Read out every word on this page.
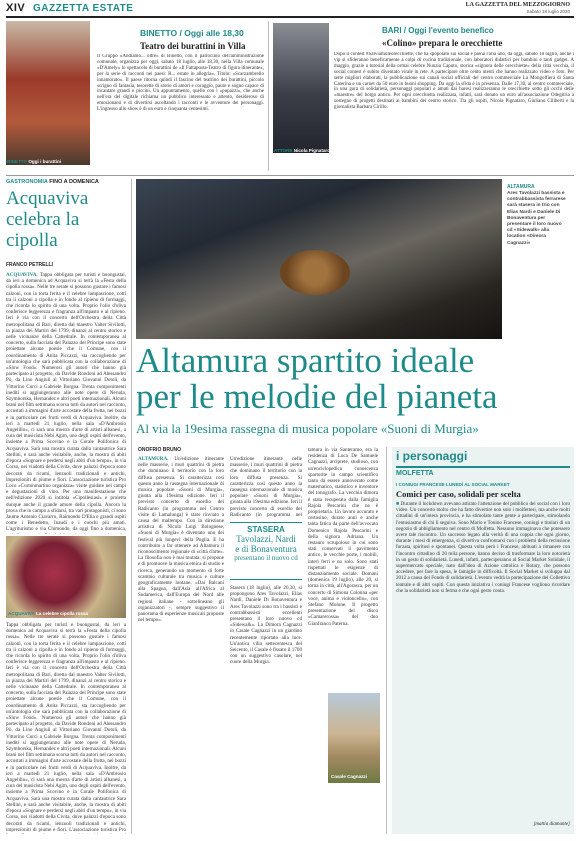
XIV GAZZETTA ESTATE	LA GAZZETTA DEL MEZZOGIORNO
Sabato 18 luglio 2020
BINETTO Oggi i burattini
BINETTO / Oggi alle 18,30
Teatro dei burattini in Villa
Il Gruppo «Andiamo... oltre» di Binetto, con il patrocinio dell'amministrazione comunale, organizza per oggi, sabato 18 luglio, alle 18,30, nella Villa comunale «D'Amely» lo spettacolo di burattini de «Il Fattaposta-Teatro di figura itinerante», per la serie di racconti nei paesi: R... estate in allegria». Titolo: «Scarzambrello innamorato». Il paese ritorna quindi il fascino del teatrino dei burattini, piccolo scrigno di fantasia, tesorette di storie di amori e coraggio, paure e sogno capace di incantare grandi e piccini. Un appuntamento, quello con i «pupazzi», che anche nell'era del digitale richiama un pubblico interessato e attento, desideroso di emozionarsi e di divertirsi ascoltando i racconti e le avventure dei personaggi. L'ingresso allo show è di un euro e cinquanta centesimi.
ATTORE Nicola Pignataro
BARI / Oggi l'evento benefico
«Colino» prepara le orecchiette
Dopo il contest #Salviamoleorecchiette, che ha spopolato sui social è piena l'aria uno, da oggi, sabato 18 luglio, anche i vip si sfideranno beneficamente a colpi di cucina tradizionale, con laboratori didattici per bambini e tanti gadget. A maggio, grazie a tutorial della ormai celebre Nunzia Caputo, storica «signora delle orecchiette» della città vecchia, il social contest è subito diventato virale in rete. A partecipare oltre cento utenti che hanno realizzato video e foto. Per sette migliori elaborati, la pubblicazione sui canali social ufficiali del centro commerciale La Mongolfiera di Santa Caterina e un carnet da 50 euro in buoni shopping. Da oggi la sfida è in presenza. Dalle 17,30, al centro commerciale, in una gara di solidarietà, personaggi popolari e amati dai baresi realizzeranno le orecchiette sotto gli occhi delle «maestre» del borgo antico. Per ogni orecchietta realizzata, infatti, sarà donato un euro all'associazione Odegitria a sostegno di progetti destinati ai bambini del centro storico. Tra gli ospiti, Nicola Pignataro, Giuliano Ciliberti e la giornalista Barbara Cirillo.
GASTRONOMIA FINO A DOMENICA
Acquaviva celebra la cipolla
FRANCO PETRELLI
ACQUAVIVA. Tappa obbligata per turisti e buongustai, da ieri a domenica ad Acquaviva si terrà la «Festa della cipolla rossa». Nelle tre serate si possono gustare i famosi calzoni, con la torta ferita e il celebre lampascione, cotti tra ii calzoni a cipolla e in fondo al ripieno di formaggi, che ricorda lo spirito di una volta. Proprio l'olio d'oliva conferisce leggerezza e fragranza all'impasto e al ripieno. Ieri è via con il concerto dell'Orchestra della Città metropolitana di Bari, diretta dal maestro Valter Sivilotti, in piazza dei Martiri del 1799, dinanzi al centro storico e nelle vicinanze della Cattedrale. In contemporanea al concerto, sulla facciata del Palazzo del Principe sono state proiettate alcune poesie che il Comune, con il coordinamento di Anita Piccazzi, sta raccogliendo per un'antologia che sarà pubblicata con la collaborazione di «Slow Food». Numerosi gli autori che hanno già partecipato al progetto, da Davide Rondoni ad Alessandro Pò, da Lino Angiuli al Vittoriano Giovanni Dotoli, da Vittorino Curci a Gabriele Borgna. Trenta componimenti inediti si aggiungeranno alle note opere di Neruda, Szymborska, Hernandez e altri poeti internazionali. Alcuni brani nel film settimana scorsa tutti da autori nel racconto, accostati a immagini d'arte accostate della frutta, nei bozzi e in particolare nei frutti verdi di Acquaviva. Inoltre, da ieri a martedì 21 luglio, nella sala «D'Ambrosio Angelillo», ci sarà una mostra d'arte di artisti albanesi, a cura del musicista Nebi Agim, uno degli ospiti dell'evento, insieme a Prima Scovino e la Corale Polifonica di Acquaviva. Sarà una mostra curata dalla cantautrice Sara Stellini, e sarà anche visitabile, anche, la mostra di abiti d'epoca «Sognare e perdersi negli abiti d'un tempo», in via Corso, nei viadotti della Civita, dove palazzi d'epoca sono decorati da ricami, lenzuoli tradizionali e antichi, imprezioniti di piume e fiori. L'associazione turistica Pro Loco «Curtonmartino organizza» visite guidate nei campi e degustazioni di vino. Per una manifestazione che nell'edizione 2020 si intitola «Cipollesiasi» e proietta dunque anche il grande amore della cipolla. Ancora la prova che in campo a sfidarsi, tra vari protagonisti, ci sono Jaume Antonio Ciavarro, Raimondo D'Elia e grandi ospiti come i Benedetto, Inaudi e i cuochi più amati. L'agriturismo e via Chimondo, da oggi fino a domenica,
ACQUAVIVA La celebre cipolla rossa
Tappa obbligata per turisti e buongustai, da ieri a domenica ad Acquaviva si terrà la «Festa della cipolla rossa». Nelle tre serate si possono gustare i famosi calzoni, con la torta ferita e il celebre lampascione, cotti tra ii calzoni a cipolla e in fondo al ripieno di formaggi, che ricorda lo spirito di una volta. Proprio l'olio d'oliva conferisce leggerezza e fragranza all'impasto e al ripieno. Ieri è via con il concerto dell'Orchestra della Città metropolitana di Bari, diretta dal maestro Valter Sivilotti, in piazza dei Martiri del 1799, dinanzi al centro storico e nelle vicinanze della Cattedrale. In contemporanea al concerto, sulla facciata del Palazzo del Principe sono state proiettate alcune poesie che il Comune, con il coordinamento di Anita Piccazzi, sta raccogliendo per un'antologia che sarà pubblicata con la collaborazione di «Slow Food». Numerosi gli autori che hanno già partecipato al progetto, da Davide Rondoni ad Alessandro Pò, da Lino Angiuli al Vittoriano Giovanni Dotoli, da Vittorino Curci a Gabriele Borgna. Trenta componimenti inediti si aggiungeranno alle note opere di Neruda, Szymborska, Hernandez e altri poeti internazionali. Alcuni brani nel film settimana scorsa tutti da autori nel racconto, accostati a immagini d'arte accostate della frutta, nei bozzi e in particolare nei frutti verdi di Acquaviva. Inoltre, da ieri a martedì 21 luglio, nella sala «D'Ambrosio Angelillo», ci sarà una mostra d'arte di artisti albanesi, a cura del musicista Nebi Agim, uno degli ospiti dell'evento, insieme a Prima Scovino e la Corale Polifonica di Acquaviva. Sarà una mostra curata dalla cantautrice Sara Stellini, e sarà anche visitabile, anche, la mostra di abiti d'epoca «Sognare e perdersi negli abiti d'un tempo», in via Corso, nei viadotti della Civita, dove palazzi d'epoca sono decorati da ricami, lenzuoli tradizionali e antichi, imprezioniti di piume e fiori. L'associazione turistica Pro
ALTAMURA
Ares Tavolazzi bassista e contrabbassista ferrarese sarà stasera in trio con Elias Nardi e Daniele Di Bonaventura per presentare il loro nuovo cd «Sidewalk» alla location «Dimora Cagnazzi»
Altamura spartito ideale
per le melodie del pianeta
Al via la 19esima rassegna di musica popolare «Suoni di Murgia»
ONOFRIO BRUNO
ALTAMURA. Un'edizione itinerante nelle masserie, i muri quattrini di pietra che dominano il territorio con la loro diffusa presenza. Si caratterizza così questo anno la rassegna internazionale di musica popolare «Suoni di Murgia», giunta alla 19esima edizione. Ieri il previsto concerto di esordio dei Radicanto (in programma nel Centro visite di Lamalunga) è stato rinviato a causa del maltempo. Con la direzione artistica di Nicola Luigi Bolognese, «Suoni di Murgia» è diventato uno dei festival più longevi della Puglia. E ha contribuito a far ottenere ad Altamura il riconoscimento regionale di «città d'arte». La filosofia non è mai mutata: si propone e di promuove la musica etnica di studio e ricerca, generando un momento di forte scambio culturale tra musica e culture geograficamente lontane. «Dai Balcani alla Spagna, dall'Asia all'Africa al Sudamerica, dall'Europa del Nord alle regioni italiane - sottolineano gli organizzatori -, sempre suggestivo il panorama di esperienze musicali proposte nel tempo».
STASERA
Tavolazzi, Nardi
e di Bonaventura
presentano il nuovo cd
Un'edizione itinerante nelle masserie, i muri quattrini di pietra che dominano il territorio con la loro diffusa presenza. Si caratterizza così questo anno la rassegna internazionale di musica popolare «Suoni di Murgia», giunta alla 19esima edizione. Ieri il previsto concerto di esordio dei Radicanto (in programma nel
Stasera (18 luglio), alle 20,30, si propongono Ares Tavolazzi, Elias Nardi, Daniele Di Bonaventura e Ares Tavolazzi sono tra i bassisti e contrabbassisti eccellenti presentano il loro nuovo cd «Sidewalk». La Dimora Cagnazzi in Casale Cagnazzi in un giardino recentemente riportato alla luce. Un'antica villa settecentesca del Seicento, il Casale è fissato il 1700 con un suggestivo casolare, nel cuore della Murgia.
tamura in via Santeramo, era la residenza di Luca De Samuele Cagnazzi, arciprete, studioso, con un'enciclopedica conoscenza spartorite in campo scientifico tanto da essere annoverato come matematico, statistico e inventore del tonografo. La vecchia dimora è stata recuperata dalla famiglia Rajola Pescarini che ne è proprietaria. Un lavoro accurato e certosino, durato anni e anche tanta fatica da parte dell'avvocato Domenico Rajola Pescarini e della signora Adriana. Un restauro scrupoloso in cui sono stati conservati il pavimento antico, le vecchie porte, i mobili, interi ferri e no solo. Sono stati rispettati le esigenze di distanziamento sociale. Domani (domenica 19 luglio), alle 20, si torna in città, all'Agorasca, per un concerto di Simona Colonna «per voce, anima e violoncello», con Stefano Molone. Il progetto presentazione del disco «Camarerossa» del duo Gianfranco Paterna.
Casale Cagnazzi
i personaggi
MOLFETTA
I CONIUGI FRANCESE LUNEDÌ AL SOCIAL MARKET
Comici per caso, solidali per scelta
■ Durante il lockdown avevano attirato l'attenzione del pubblico dei social con i loro video. Un concerto molto che ha fatto divertire non solo i molfettesi, ma anche molti cittadini di un'intera provincia, e ha stimolato tante gente a partecipare, stimolando l'entusiasmo di chi li seguiva. Sono Mario e Tonino Francese, coniugi e titolari di un negozio di abbigliamento nel centro di Molfetta. Nessuno immaginava che potessero avere tale riscontro. Un successo legato alla verità di una coppia che ogni giorno, durante i mesi di emergenza, si divertiva confrontarsi con i problemi della reclusione forzata, spiritosi e spontanei. Questa volta però i Francese, abituati a rimanere con l'incontro cittadino di 20 mila persone, hanno deciso di trasformare la loro notorietà in un gesto di solidarietà. Lunedì, infatti, parteciperanno al Social Market Solidale, il supermercato speciale, nato dall'idea di Azione cattolica e Rotary, che possono accedere, per fare la spesa, le famiglie in difficoltà. Il Social Market si sviluppa dal 2012 a causa del Fondo di solidarietà. L'evento vedrà la partecipazione del Collettivo teatrale e di altri ospiti. Con questa iniziativa i coniugi Francese vogliono ricordare che la solidarietà non si ferma e che ogni gesto conta.
[mattia diamante]
